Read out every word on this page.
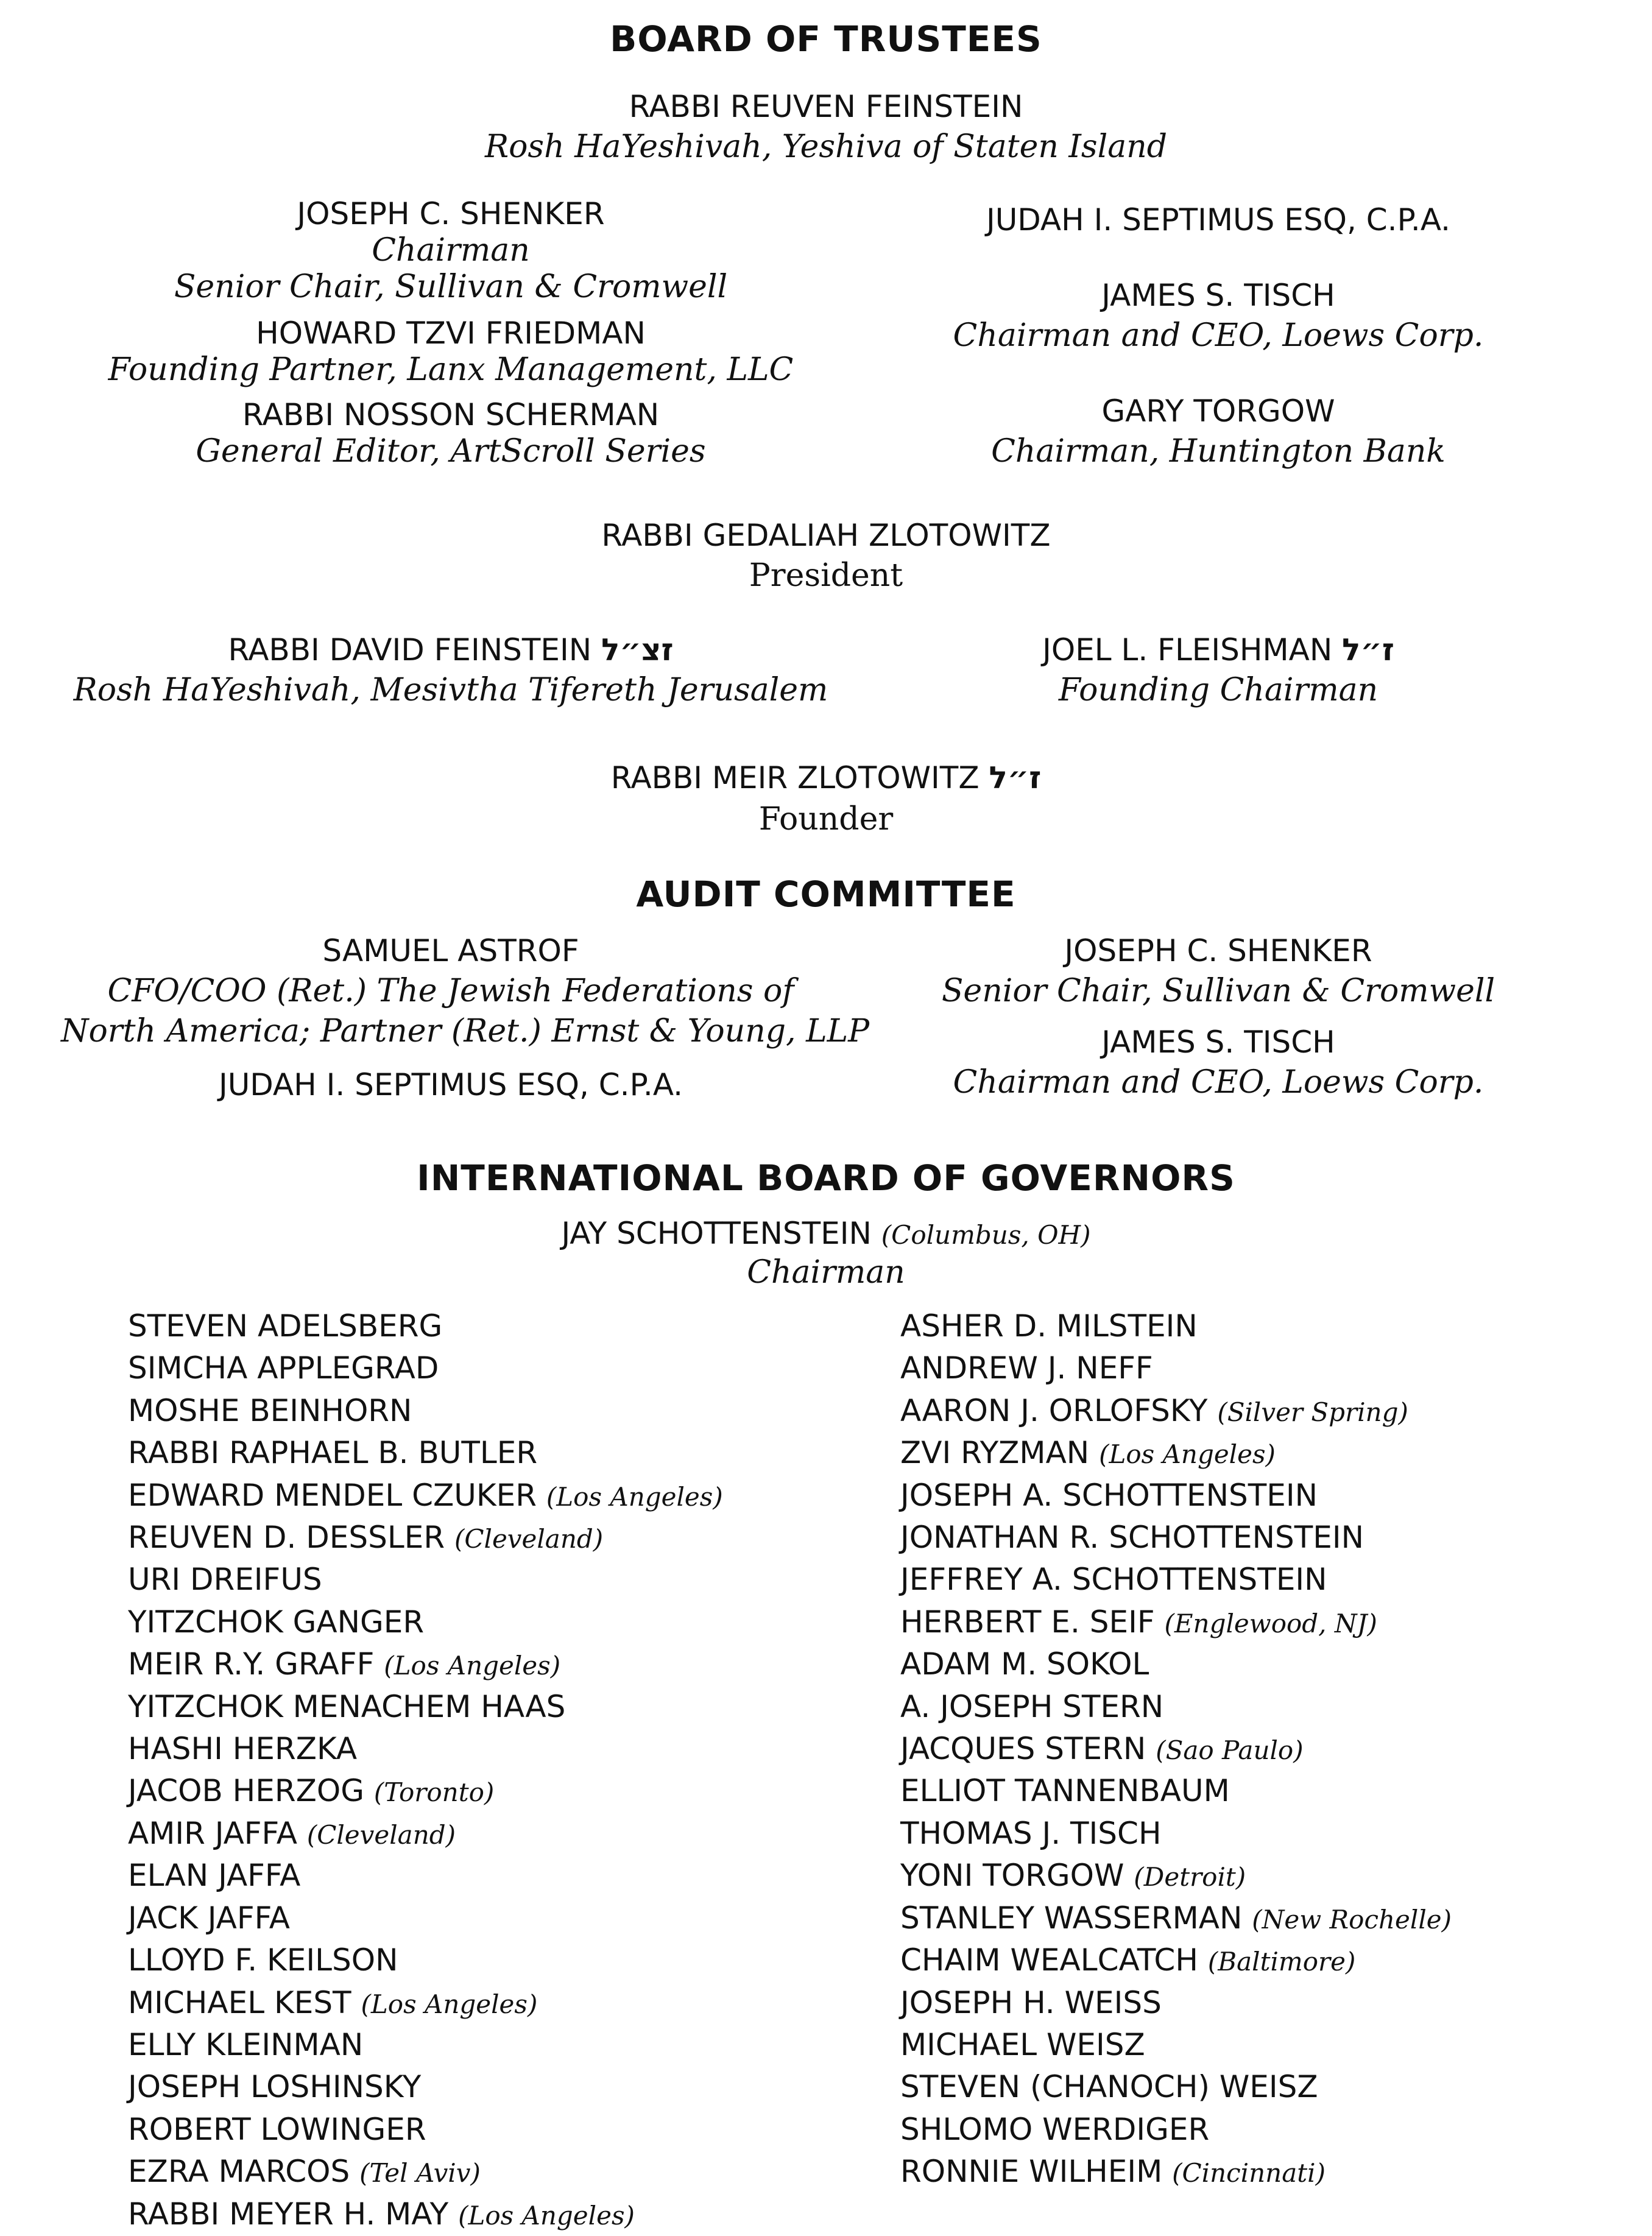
BOARD OF TRUSTEES
RABBI REUVEN FEINSTEIN
Rosh HaYeshivah, Yeshiva of Staten Island
JOSEPH C. SHENKER
Chairman
Senior Chair, Sullivan & Cromwell
HOWARD TZVI FRIEDMAN
Founding Partner, Lanx Management, LLC
RABBI NOSSON SCHERMAN
General Editor, ArtScroll Series
JUDAH I. SEPTIMUS ESQ, C.P.A.
JAMES S. TISCH
Chairman and CEO, Loews Corp.
GARY TORGOW
Chairman, Huntington Bank
RABBI GEDALIAH ZLOTOWITZ
President
RABBI DAVID FEINSTEIN זצ״ל
Rosh HaYeshivah, Mesivtha Tifereth Jerusalem
JOEL L. FLEISHMAN ז״ל
Founding Chairman
RABBI MEIR ZLOTOWITZ ז״ל
Founder
AUDIT COMMITTEE
SAMUEL ASTROF
CFO/COO (Ret.) The Jewish Federations of
North America; Partner (Ret.) Ernst & Young, LLP
JUDAH I. SEPTIMUS ESQ, C.P.A.
JOSEPH C. SHENKER
Senior Chair, Sullivan & Cromwell
JAMES S. TISCH
Chairman and CEO, Loews Corp.
INTERNATIONAL BOARD OF GOVERNORS
JAY SCHOTTENSTEIN (Columbus, OH)
Chairman
STEVEN ADELSBERG
SIMCHA APPLEGRAD
MOSHE BEINHORN
RABBI RAPHAEL B. BUTLER
EDWARD MENDEL CZUKER (Los Angeles)
REUVEN D. DESSLER (Cleveland)
URI DREIFUS
YITZCHOK GANGER
MEIR R.Y. GRAFF (Los Angeles)
YITZCHOK MENACHEM HAAS
HASHI HERZKA
JACOB HERZOG (Toronto)
AMIR JAFFA (Cleveland)
ELAN JAFFA
JACK JAFFA
LLOYD F. KEILSON
MICHAEL KEST (Los Angeles)
ELLY KLEINMAN
JOSEPH LOSHINSKY
ROBERT LOWINGER
EZRA MARCOS (Tel Aviv)
RABBI MEYER H. MAY (Los Angeles)
ASHER D. MILSTEIN
ANDREW J. NEFF
AARON J. ORLOFSKY (Silver Spring)
ZVI RYZMAN (Los Angeles)
JOSEPH A. SCHOTTENSTEIN
JONATHAN R. SCHOTTENSTEIN
JEFFREY A. SCHOTTENSTEIN
HERBERT E. SEIF (Englewood, NJ)
ADAM M. SOKOL
A. JOSEPH STERN
JACQUES STERN (Sao Paulo)
ELLIOT TANNENBAUM
THOMAS J. TISCH
YONI TORGOW (Detroit)
STANLEY WASSERMAN (New Rochelle)
CHAIM WEALCATCH (Baltimore)
JOSEPH H. WEISS
MICHAEL WEISZ
STEVEN (CHANOCH) WEISZ
SHLOMO WERDIGER
RONNIE WILHEIM (Cincinnati)
